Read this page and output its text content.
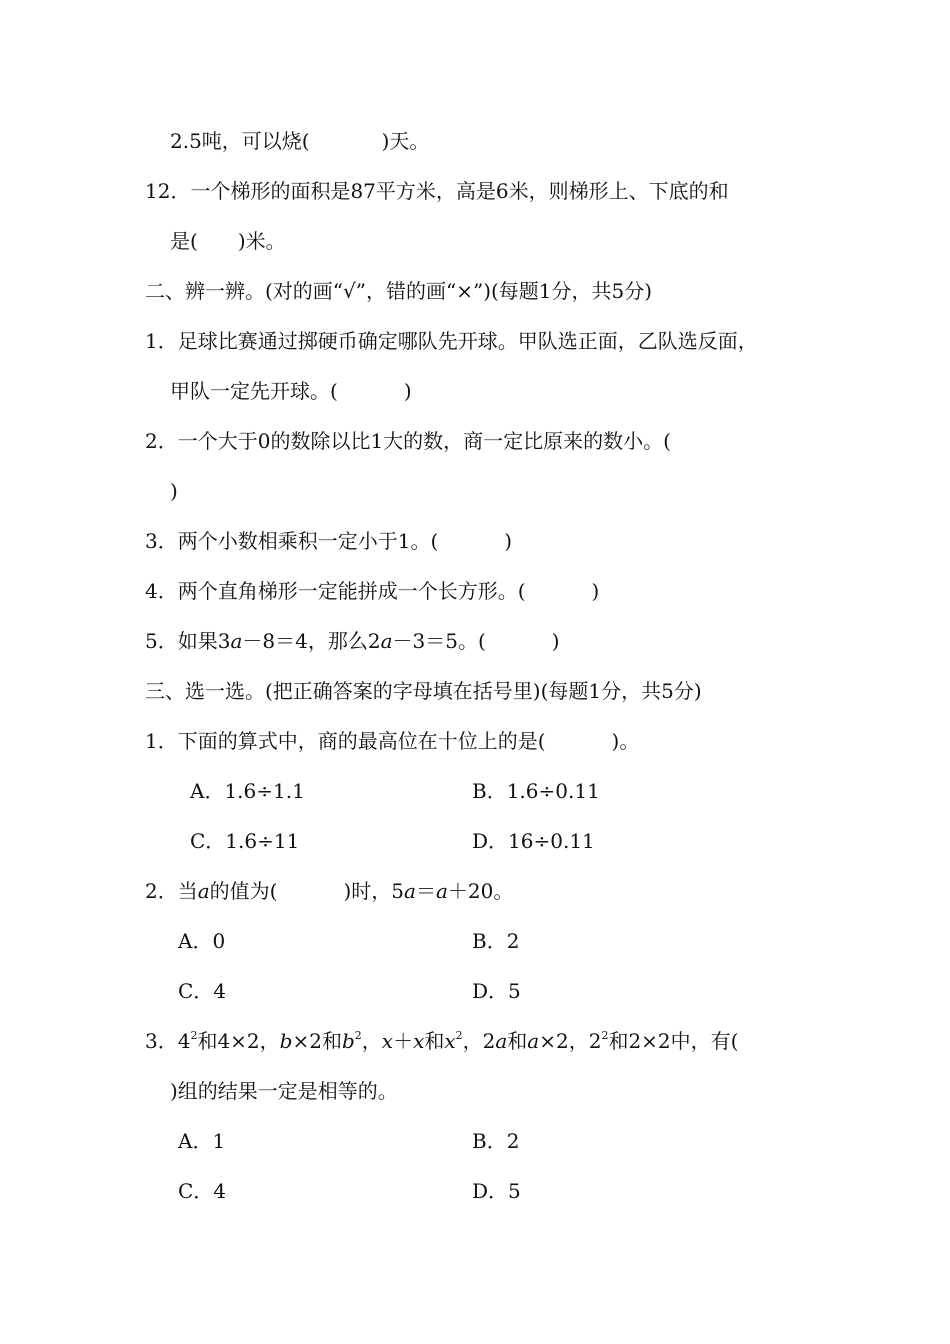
2.5吨，可以烧(	)天。
12．一个梯形的面积是87平方米，高是6米，则梯形上、下底的和
是( )米。
二、辨一辨。(对的画“√”，错的画“×”)(每题1分，共5分)
1．足球比赛通过掷硬币确定哪队先开球。甲队选正面，乙队选反面，
甲队一定先开球。(	)
2．一个大于0的数除以比1大的数，商一定比原来的数小。(
)
3．两个小数相乘积一定小于1。(	)
4．两个直角梯形一定能拼成一个长方形。(	)
5．如果3a－8＝4，那么2a－3＝5。(	)
三、选一选。(把正确答案的字母填在括号里)(每题1分，共5分)
1．下面的算式中，商的最高位在十位上的是(	)。
A．1.6÷1.1	B．1.6÷0.11
C．1.6÷11	D．16÷0.11
2．当a的值为(	)时，5a＝a＋20。
A．0	B．2
C．4	D．5
3．$4^2$和4×2，b×2和$b^2$，x＋x和$x^2$，2a和a×2，$2^2$和2×2中，有(
)组的结果一定是相等的。
A．1	B．2
C．4	D．5
